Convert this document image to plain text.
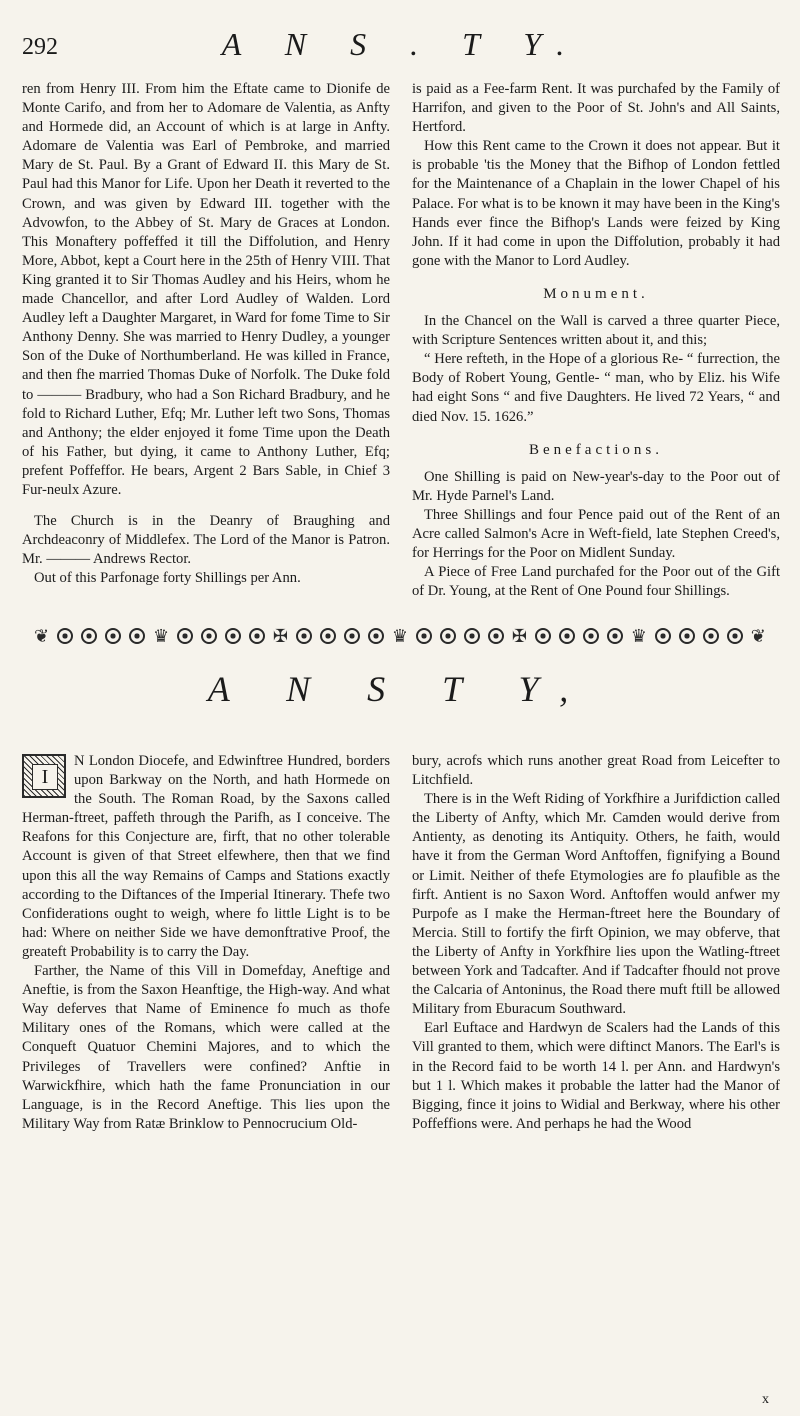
292	A N S . T Y.

ren from Henry III. From him the Eftate came to Dionife de Monte Carifo, and from her to Adomare de Valentia, as Anfty and Hormede did, an Account of which is at large in Anfty. Adomare de Valentia was Earl of Pembroke, and married Mary de St. Paul. By a Grant of Edward II. this Mary de St. Paul had this Manor for Life. Upon her Death it reverted to the Crown, and was given by Edward III. together with the Advowfon, to the Abbey of St. Mary de Graces at London. This Monaftery poffeffed it till the Diffolution, and Henry More, Abbot, kept a Court here in the 25th of Henry VIII. That King granted it to Sir Thomas Audley and his Heirs, whom he made Chancellor, and after Lord Audley of Walden. Lord Audley left a Daughter Margaret, in Ward for fome Time to Sir Anthony Denny. She was married to Henry Dudley, a younger Son of the Duke of Northumberland. He was killed in France, and then fhe married Thomas Duke of Norfolk. The Duke fold to ——— Bradbury, who had a Son Richard Bradbury, and he fold to Richard Luther, Efq; Mr. Luther left two Sons, Thomas and Anthony; the elder enjoyed it fome Time upon the Death of his Father, but dying, it came to Anthony Luther, Efq; prefent Poffeffor. He bears, Argent 2 Bars Sable, in Chief 3 Fur-neulx Azure.

The Church is in the Deanry of Braughing and Archdeaconry of Middlefex. The Lord of the Manor is Patron. Mr. ——— Andrews Rector.

Out of this Parfonage forty Shillings per Ann.

is paid as a Fee-farm Rent. It was purchafed by the Family of Harrifon, and given to the Poor of St. John's and All Saints, Hertford.

How this Rent came to the Crown it does not appear. But it is probable 'tis the Money that the Bifhop of London fettled for the Maintenance of a Chaplain in the lower Chapel of his Palace. For what is to be known it may have been in the King's Hands ever fince the Bifhop's Lands were feized by King John. If it had come in upon the Diffolution, probably it had gone with the Manor to Lord Audley.

Monument.

In the Chancel on the Wall is carved a three quarter Piece, with Scripture Sentences written about it, and this;

“ Here refteth, in the Hope of a glorious Re- “ furrection, the Body of Robert Young, Gentle- “ man, who by Eliz. his Wife had eight Sons “ and five Daughters. He lived 72 Years, “ and died Nov. 15. 1626.”

Benefactions.

One Shilling is paid on New-year's-day to the Poor out of Mr. Hyde Parnel's Land.

Three Shillings and four Pence paid out of the Rent of an Acre called Salmon's Acre in Weft-field, late Stephen Creed's, for Herrings for the Poor on Midlent Sunday.

A Piece of Free Land purchafed for the Poor out of the Gift of Dr. Young, at the Rent of One Pound four Shillings.

❦	♛	✠	♛	✠	♛	❦
A N S T Y,

I
N London Diocefe, and Edwinftree Hundred, borders upon Barkway on the North, and hath Hormede on the South. The Roman Road, by the Saxons called Herman-ftreet, paffeth through the Parifh, as I conceive. The Reafons for this Conjecture are, firft, that no other tolerable Account is given of that Street elfewhere, then that we find upon this all the way Remains of Camps and Stations exactly according to the Diftances of the Imperial Itinerary. Thefe two Confiderations ought to weigh, where fo little Light is to be had: Where on neither Side we have demonftrative Proof, the greateft Probability is to carry the Day.

Farther, the Name of this Vill in Domefday, Aneftige and Aneftie, is from the Saxon Heanftige, the High-way. And what Way deferves that Name of Eminence fo much as thofe Military ones of the Romans, which were called at the Conqueft Quatuor Chemini Majores, and to which the Privileges of Travellers were confined? Anftie in Warwickfhire, which hath the fame Pronunciation in our Language, is in the Record Aneftige. This lies upon the Military Way from Ratæ Brinklow to Pennocrucium Old-

bury, acrofs which runs another great Road from Leicefter to Litchfield.

There is in the Weft Riding of Yorkfhire a Jurifdiction called the Liberty of Anfty, which Mr. Camden would derive from Antienty, as denoting its Antiquity. Others, he faith, would have it from the German Word Anftoffen, fignifying a Bound or Limit. Neither of thefe Etymologies are fo plaufible as the firft. Antient is no Saxon Word. Anftoffen would anfwer my Purpofe as I make the Herman-ftreet here the Boundary of Mercia. Still to fortify the firft Opinion, we may obferve, that the Liberty of Anfty in Yorkfhire lies upon the Watling-ftreet between York and Tadcafter. And if Tadcafter fhould not prove the Calcaria of Antoninus, the Road there muft ftill be allowed Military from Eburacum Southward.

Earl Euftace and Hardwyn de Scalers had the Lands of this Vill granted to them, which were diftinct Manors. The Earl's is in the Record faid to be worth 14 l. per Ann. and Hardwyn's but 1 l. Which makes it probable the latter had the Manor of Bigging, fince it joins to Widial and Berkway, where his other Poffeffions were. And perhaps he had the Wood

x
